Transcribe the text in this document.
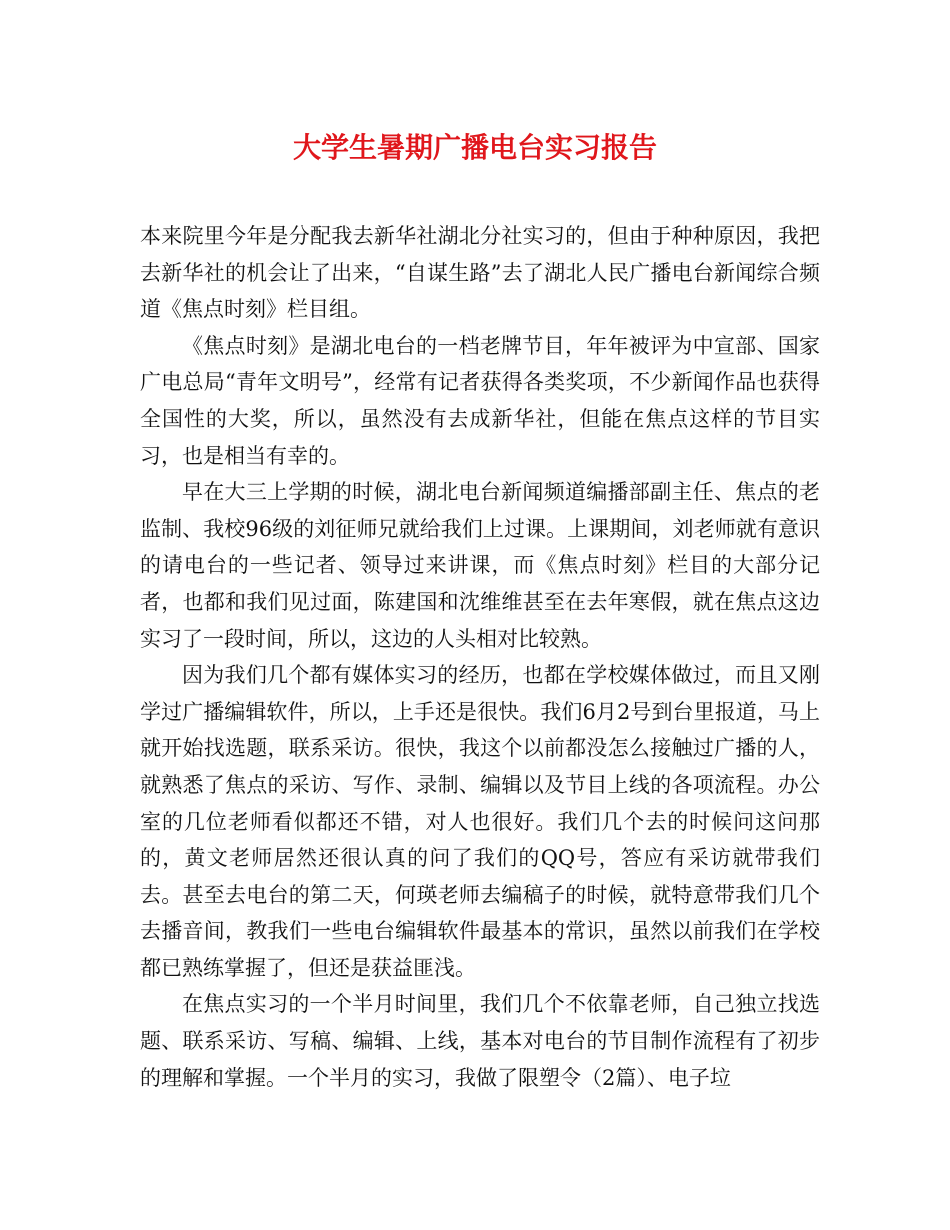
大学生暑期广播电台实习报告

本来院里今年是分配我去新华社湖北分社实习的，但由于种种原因，我把去新华社的机会让了出来，“自谋生路”去了湖北人民广播电台新闻综合频道《焦点时刻》栏目组。

《焦点时刻》是湖北电台的一档老牌节目，年年被评为中宣部、国家广电总局“青年文明号”，经常有记者获得各类奖项，不少新闻作品也获得全国性的大奖，所以，虽然没有去成新华社，但能在焦点这样的节目实习，也是相当有幸的。

早在大三上学期的时候，湖北电台新闻频道编播部副主任、焦点的老监制、我校96级的刘征师兄就给我们上过课。上课期间，刘老师就有意识的请电台的一些记者、领导过来讲课，而《焦点时刻》栏目的大部分记者，也都和我们见过面，陈建国和沈维维甚至在去年寒假，就在焦点这边实习了一段时间，所以，这边的人头相对比较熟。

因为我们几个都有媒体实习的经历，也都在学校媒体做过，而且又刚学过广播编辑软件，所以，上手还是很快。我们6月2号到台里报道，马上就开始找选题，联系采访。很快，我这个以前都没怎么接触过广播的人，就熟悉了焦点的采访、写作、录制、编辑以及节目上线的各项流程。办公室的几位老师看似都还不错，对人也很好。我们几个去的时候问这问那的，黄文老师居然还很认真的问了我们的QQ号，答应有采访就带我们去。甚至去电台的第二天，何瑛老师去编稿子的时候，就特意带我们几个去播音间，教我们一些电台编辑软件最基本的常识，虽然以前我们在学校都已熟练掌握了，但还是获益匪浅。

在焦点实习的一个半月时间里，我们几个不依靠老师，自己独立找选题、联系采访、写稿、编辑、上线，基本对电台的节目制作流程有了初步的理解和掌握。一个半月的实习，我做了限塑令（2篇）、电子垃
